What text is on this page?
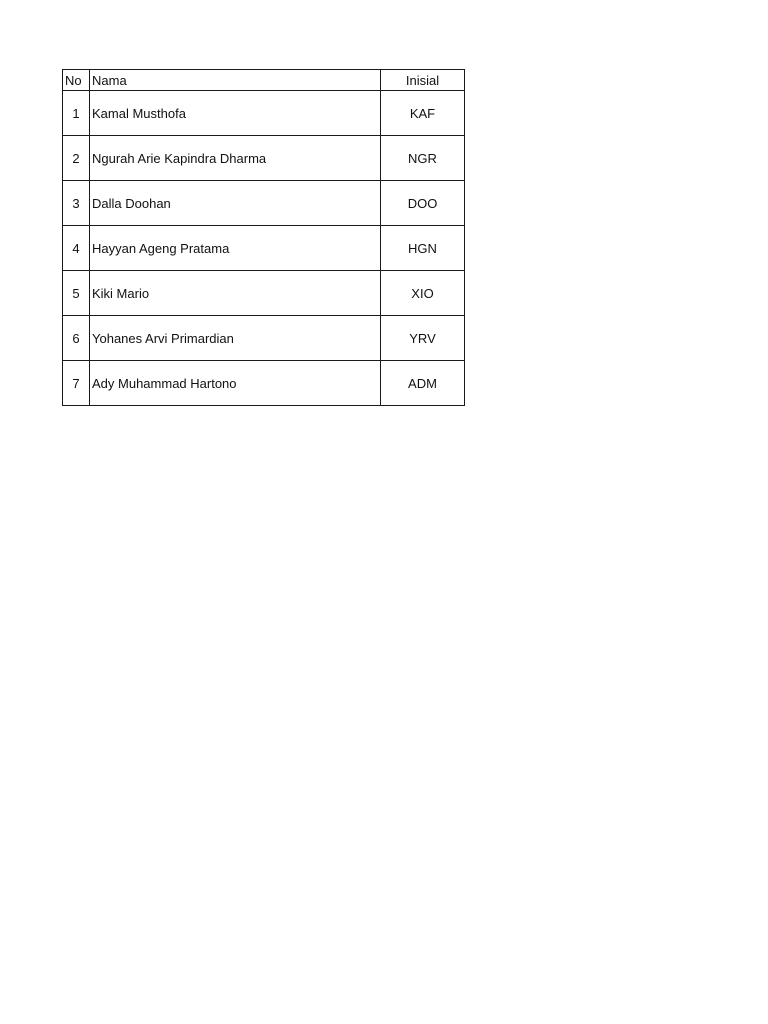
No	Nama	Inisial
1	Kamal Musthofa	KAF
2	Ngurah Arie Kapindra Dharma	NGR
3	Dalla Doohan	DOO
4	Hayyan Ageng Pratama	HGN
5	Kiki Mario	XIO
6	Yohanes Arvi Primardian	YRV
7	Ady Muhammad Hartono	ADM
